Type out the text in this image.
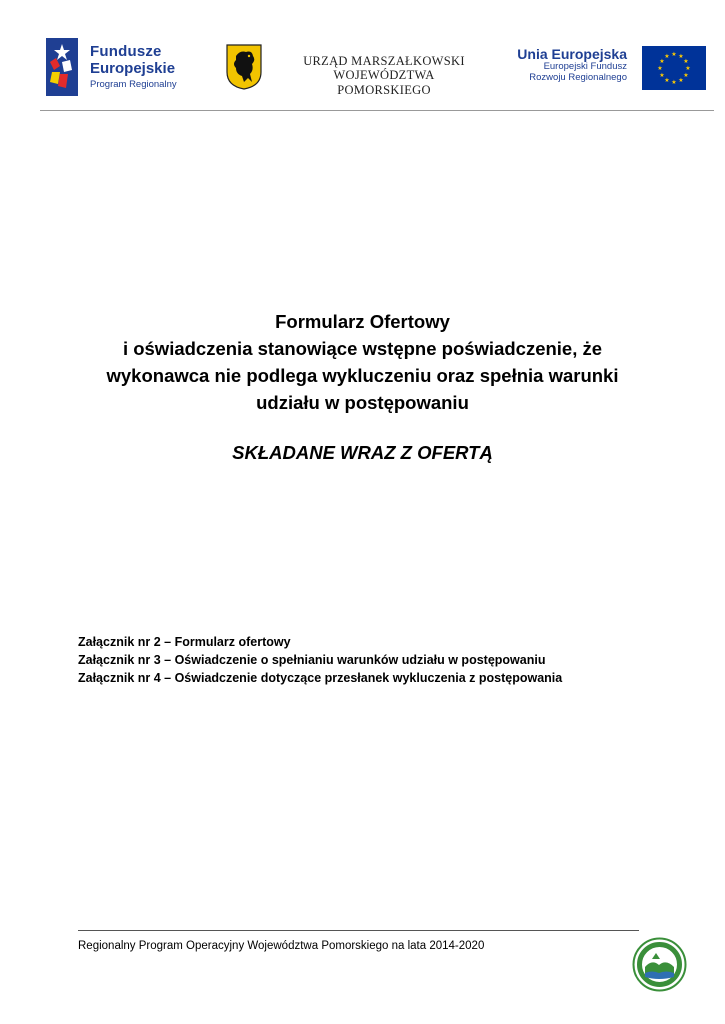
Fundusze
Europejskie
Program Regionalny
URZĄD MARSZAŁKOWSKI
WOJEWÓDZTWA POMORSKIEGO
Unia Europejska
Europejski Fundusz
Rozwoju Regionalnego
★ ★
★
★
★
★
★
★
★
★
★
★
Formularz Ofertowy
i oświadczenia stanowiące wstępne poświadczenie, że
wykonawca nie podlega wykluczeniu oraz spełnia warunki
udziału w postępowaniu
SKŁADANE WRAZ Z OFERTĄ
Załącznik nr 2 – Formularz ofertowy
Załącznik nr 3 – Oświadczenie o spełnianiu warunków udziału w postępowaniu
Załącznik nr 4 – Oświadczenie dotyczące przesłanek wykluczenia z postępowania
Regionalny Program Operacyjny Województwa Pomorskiego na lata 2014-2020
